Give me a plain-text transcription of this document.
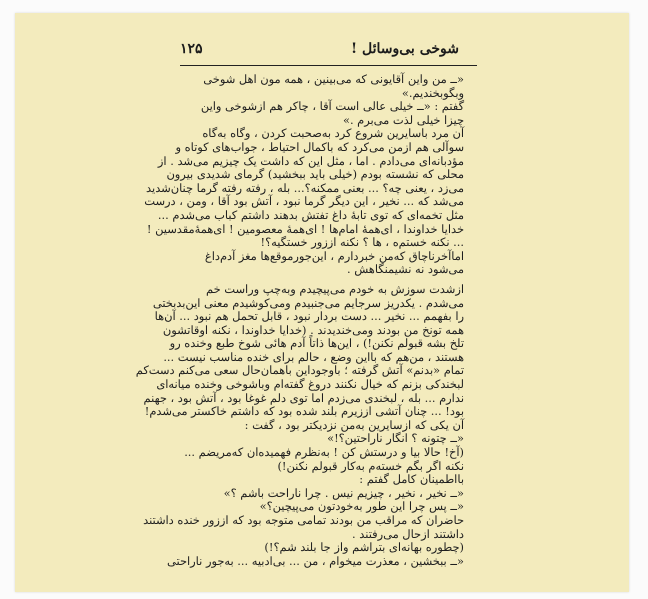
۱۲۵	شوخی بی‌وسائل !
«ــ من واین آقایونی که می‌بینین ، همه مون اهل شوخی
وبگوبخندیم.»
گفتم : «ــ خیلی عالی است آقا ، چاکر هم ازشوخی واین
چیزا خیلی لذت می‌برم .»
آن مرد باسایرین شروع کرد به‌صحبت کردن ، وگاه به‌گاه
سوآلی هم ازمن می‌کرد که باکمال احتیاط ، جواب‌های کوتاه و
مؤدبانه‌ای می‌دادم . اما ، مثل این که داشت یک چیزیم می‌شد . از
محلی که نشسته بودم (خیلی باید ببخشید) گرمای شدیدی بیرون
می‌زد ، یعنی چه؟ ... بعنی ممکنه؟... بله ، رفته رفته گرما چنان‌شدید
می‌شد که ... نخیر ، این دیگر گرما نبود ، آتش بود آقا ، ومن ، درست
مثل تخمه‌ای که توی تابهٔ داغ تفتش بدهند داشتم کباب می‌شدم ...
خدایا خداوندا ، ای‌همهٔ امام‌ها ! ای‌همهٔ معصومین ! ای‌همهٔ‌مقدسین !
... نکنه خستم‌ه ، ها ؟ نکنه اززور خستگیه؟!
اماآخرناچاق که‌من خبردارم ، این‌جورموقع‌ها مغز آدم‌داغ
می‌شود نه نشیمنگاهش .
ازشدت سوزش به خودم می‌پیچیدم وبه‌چپ وراست خم
می‌شدم . یکدریز سرجایم می‌جنبیدم ومی‌کوشیدم معنی این‌بدبختی
را بفهمم ... نخیر ... دست بردار نبود ، قابل تحمل هم نبود ... آن‌ها
همه تونخ من بودند ومی‌خندیدند . (خدایا خداوندا ، نکنه اوقاتشون
تلخ بشه قبولم نکنن!) ، این‌ها ذاتاً آدم هائی شوخ طبع وخنده رو
هستند ، من‌هم که بااین وضع ، حالم برای خنده مناسب نیست ...
تمام «بدنم» آتش گرفته ؛ باوجوداین باهمان‌حال سعی می‌کنم دست‌کم
لبخندکی بزنم که خیال نکنند دروغ گفته‌ام وباشوخی وخنده میانه‌ای
ندارم ... بله ، لبخندی می‌زدم اما توی دلم غوغا بود ، آتش بود ، جهنم
بود! ... چنان آتشی اززیرم بلند شده بود که داشتم خاکستر می‌شدم!
آن یکی که ازسایرین به‌من نزدیکتر بود ، گفت :
«ــ چتونه ؟ انگار ناراحتین؟!»
(آخ! حالا بیا و درستش کن ! به‌نظرم فهمیده‌ان که‌مریضم ...
نکنه اگر بگم خسته‌م به‌کار قبولم نکنن!)
بااطمینان کامل گفتم :
«ــ نخیر ، نخیر ، چیزیم نیس . چرا ناراحت باشم ؟»
«ــ پس چرا این طور به‌خودتون می‌پیچین؟»
حاضران که مراقب من بودند تمامی متوجه بود که اززور خنده داشتند
داشتند ازحال می‌رفتند .
(چطوره بهانه‌ای بتراشم واز جا بلند شم؟!)
«ــ ببخشین ، معذرت میخوام ، من ... بی‌ادبیه ... به‌جور ناراحتی
